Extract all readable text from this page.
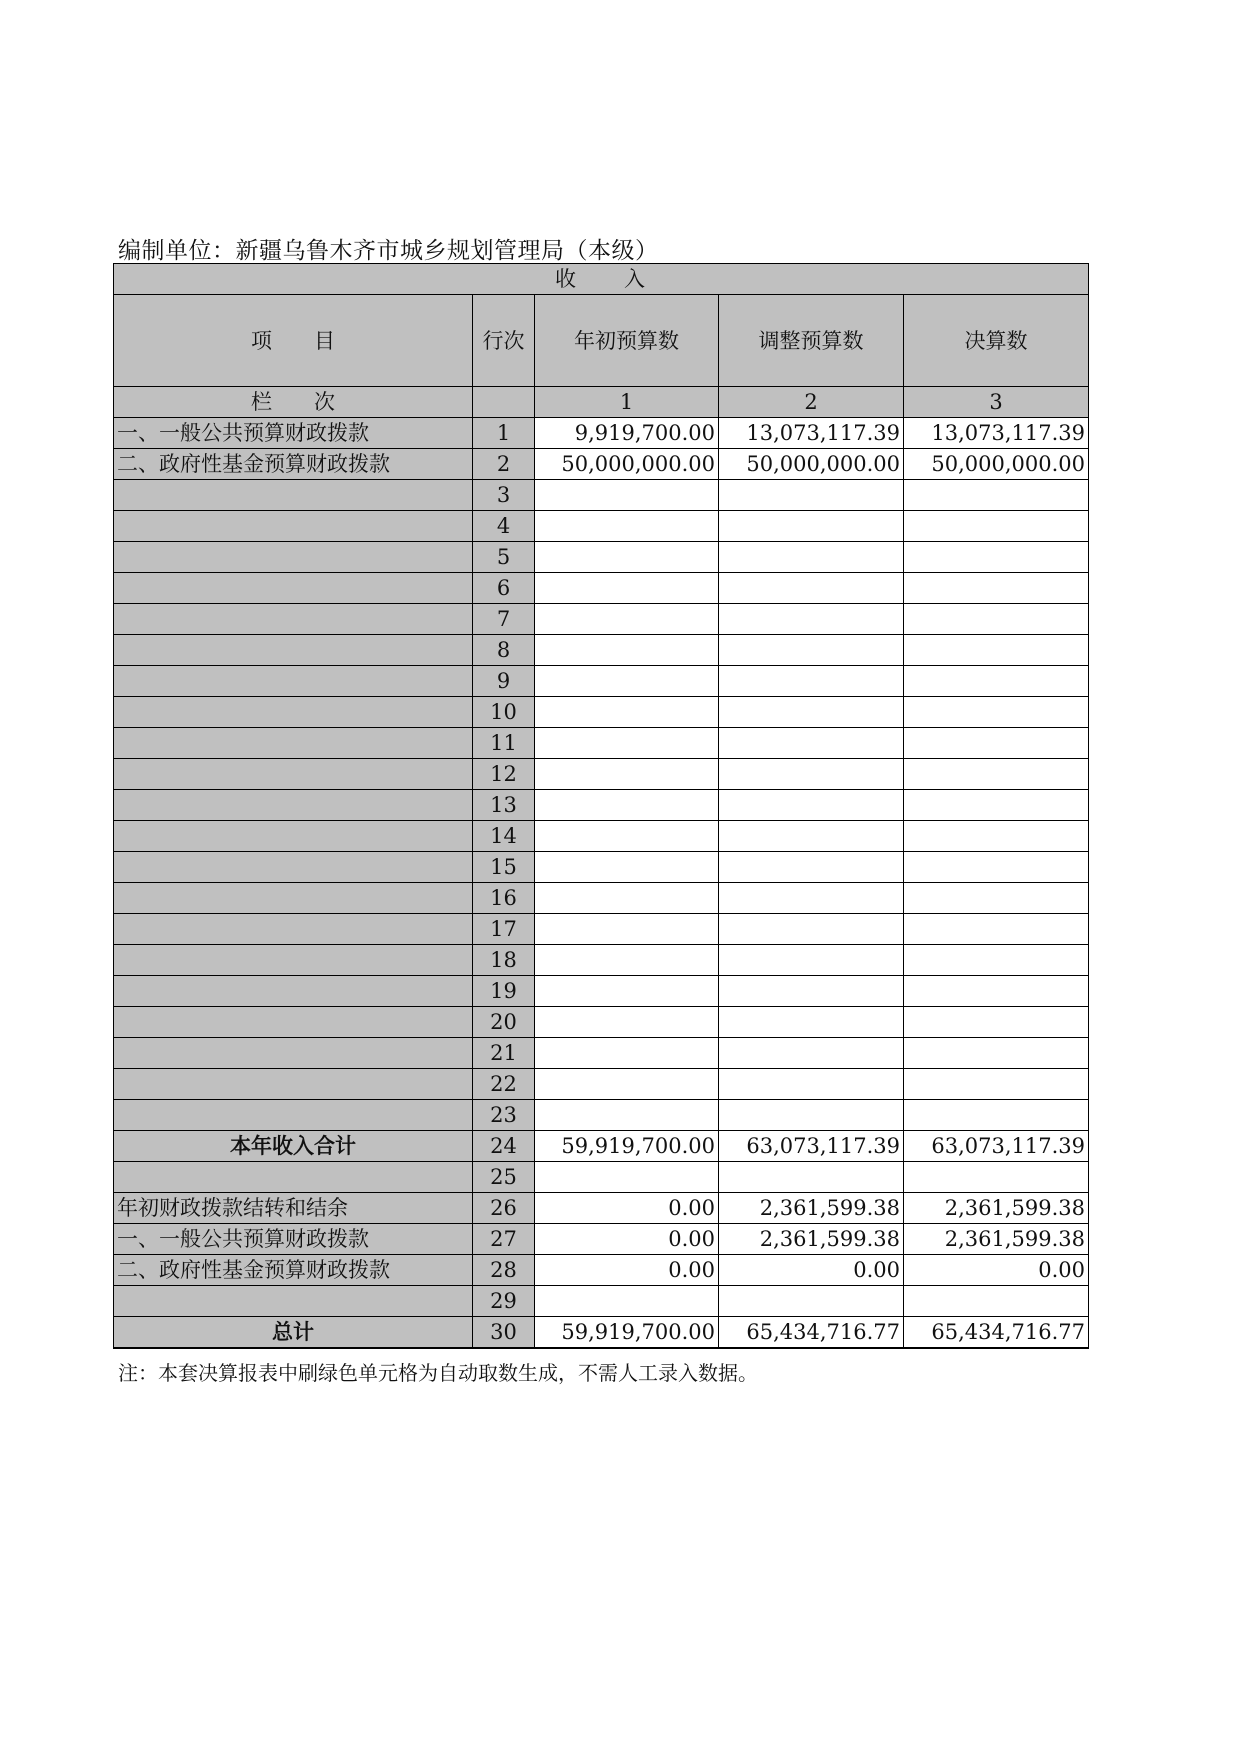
编制单位：新疆乌鲁木齐市城乡规划管理局（本级）
收　　入				
项　　目	行次	年初预算数	调整预算数	决算数
栏　　次		1	2	3
一、一般公共预算财政拨款	1	9,919,700.00	13,073,117.39	13,073,117.39
二、政府性基金预算财政拨款	2	50,000,000.00	50,000,000.00	50,000,000.00
	3			
	4			
	5			
	6			
	7			
	8			
	9			
	10			
	11			
	12			
	13			
	14			
	15			
	16			
	17			
	18			
	19			
	20			
	21			
	22			
	23			
本年收入合计	24	59,919,700.00	63,073,117.39	63,073,117.39
	25			
年初财政拨款结转和结余	26	0.00	2,361,599.38	2,361,599.38
一、一般公共预算财政拨款	27	0.00	2,361,599.38	2,361,599.38
二、政府性基金预算财政拨款	28	0.00	0.00	0.00
	29			
总计	30	59,919,700.00	65,434,716.77	65,434,716.77
注：本套决算报表中刷绿色单元格为自动取数生成，不需人工录入数据。
